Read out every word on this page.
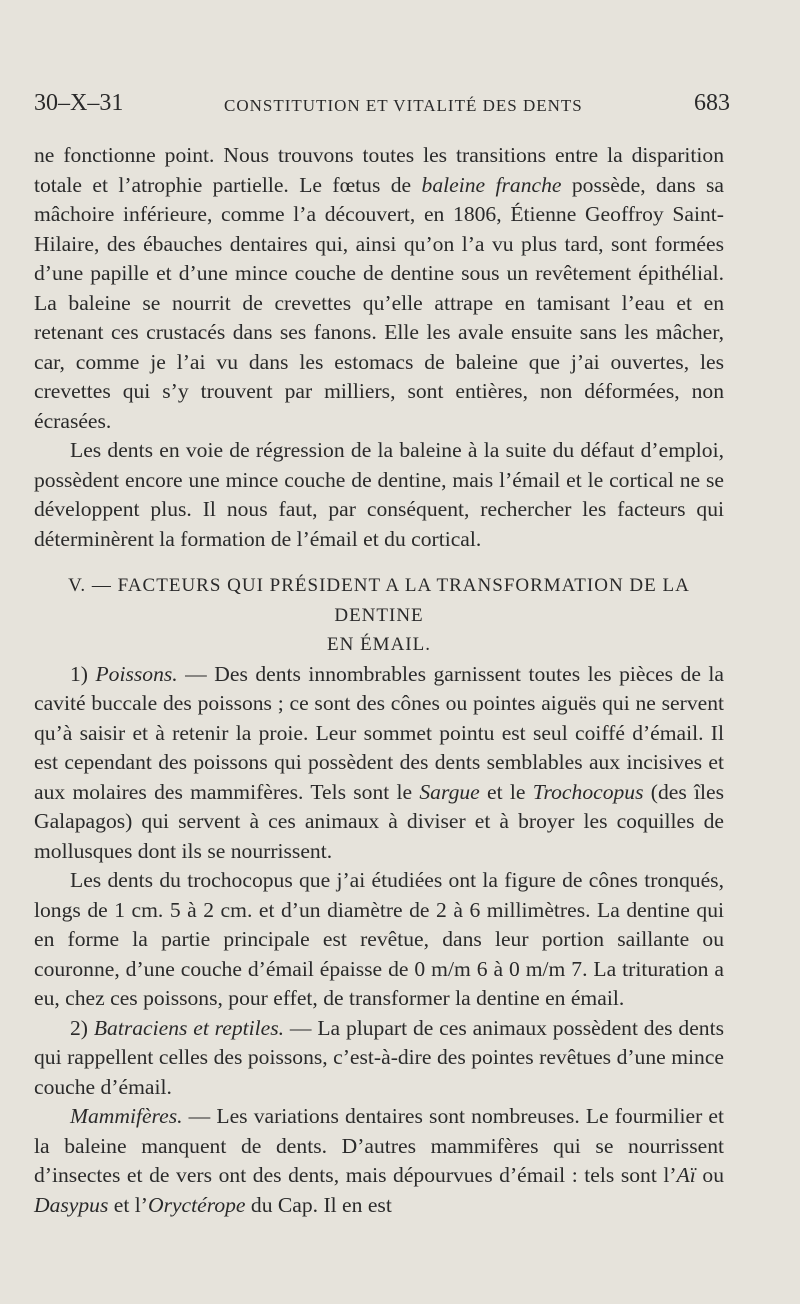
30–X–31	CONSTITUTION ET VITALITÉ DES DENTS	683

ne fonctionne point. Nous trouvons toutes les transitions entre la disparition totale et l’atrophie partielle. Le fœtus de baleine franche possède, dans sa mâchoire inférieure, comme l’a découvert, en 1806, Étienne Geoffroy Saint-Hilaire, des ébauches dentaires qui, ainsi qu’on l’a vu plus tard, sont formées d’une papille et d’une mince couche de dentine sous un revêtement épithélial. La baleine se nourrit de crevettes qu’elle attrape en tamisant l’eau et en retenant ces crustacés dans ses fanons. Elle les avale ensuite sans les mâcher, car, comme je l’ai vu dans les estomacs de baleine que j’ai ouvertes, les crevettes qui s’y trouvent par milliers, sont entières, non déformées, non écrasées.

Les dents en voie de régression de la baleine à la suite du défaut d’emploi, possèdent encore une mince couche de dentine, mais l’émail et le cortical ne se développent plus. Il nous faut, par conséquent, rechercher les facteurs qui déterminèrent la formation de l’émail et du cortical.

V. — FACTEURS QUI PRÉSIDENT A LA TRANSFORMATION DE LA DENTINE
EN ÉMAIL.

1) Poissons. — Des dents innombrables garnissent toutes les pièces de la cavité buccale des poissons ; ce sont des cônes ou pointes aiguës qui ne servent qu’à saisir et à retenir la proie. Leur sommet pointu est seul coiffé d’émail. Il est cependant des poissons qui possèdent des dents semblables aux incisives et aux molaires des mammifères. Tels sont le Sargue et le Trochocopus (des îles Galapagos) qui servent à ces animaux à diviser et à broyer les coquilles de mollusques dont ils se nourrissent.

Les dents du trochocopus que j’ai étudiées ont la figure de cônes tronqués, longs de 1 cm. 5 à 2 cm. et d’un diamètre de 2 à 6 millimètres. La dentine qui en forme la partie principale est revêtue, dans leur portion saillante ou couronne, d’une couche d’émail épaisse de 0 m/m 6 à 0 m/m 7. La trituration a eu, chez ces poissons, pour effet, de transformer la dentine en émail.

2) Batraciens et reptiles. — La plupart de ces animaux possèdent des dents qui rappellent celles des poissons, c’est-à-dire des pointes revêtues d’une mince couche d’émail.

Mammifères. — Les variations dentaires sont nombreuses. Le fourmilier et la baleine manquent de dents. D’autres mammifères qui se nourrissent d’insectes et de vers ont des dents, mais dépourvues d’émail : tels sont l’Aï ou Dasypus et l’Oryctérope du Cap. Il en est
